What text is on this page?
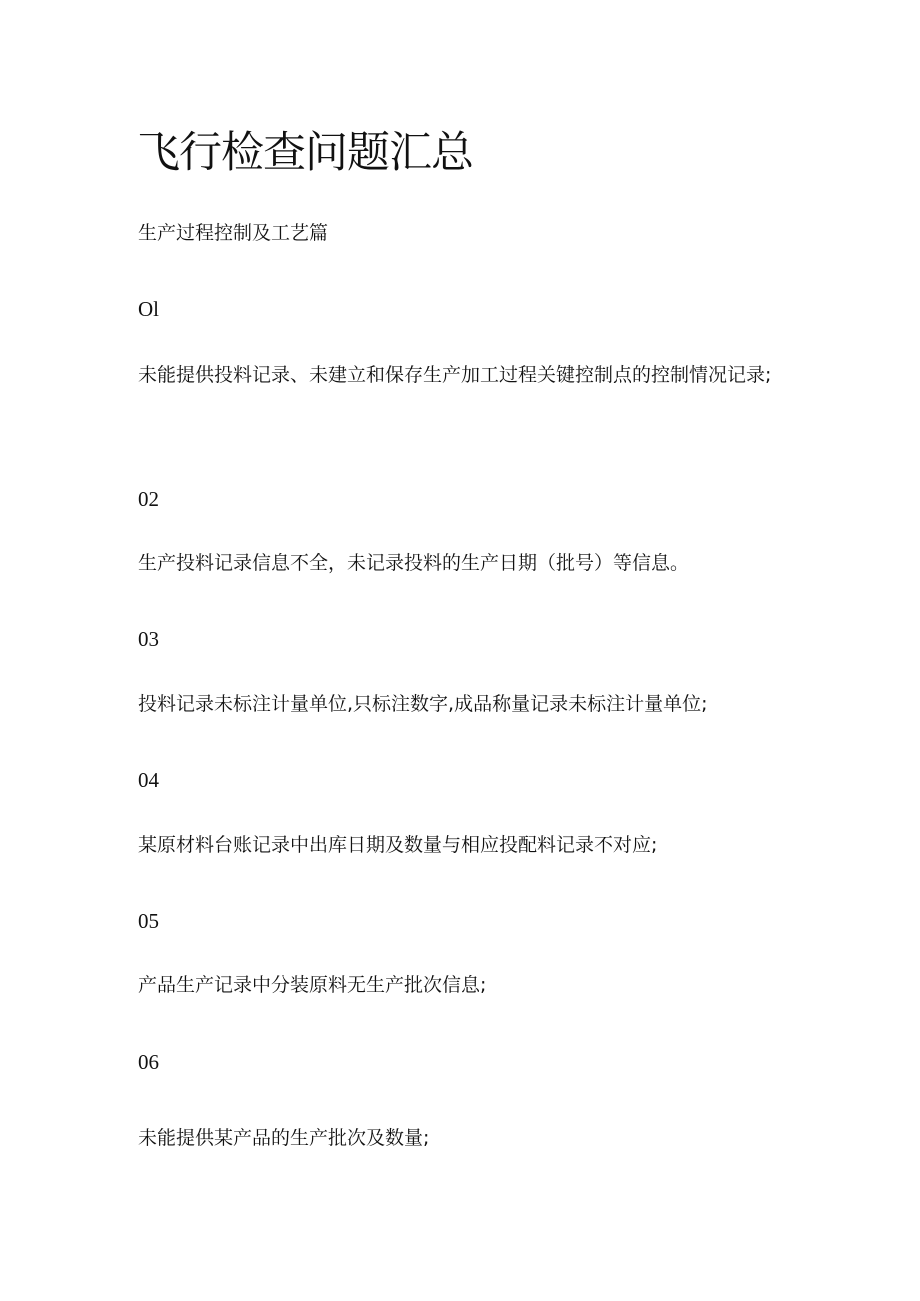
飞行检查问题汇总
生产过程控制及工艺篇
Ol
未能提供投料记录、未建立和保存生产加工过程关键控制点的控制情况记录;
02
生产投料记录信息不全，未记录投料的生产日期（批号）等信息。
03
投料记录未标注计量单位,只标注数字,成品称量记录未标注计量单位;
04
某原材料台账记录中出库日期及数量与相应投配料记录不对应;
05
产品生产记录中分装原料无生产批次信息;
06
未能提供某产品的生产批次及数量;
